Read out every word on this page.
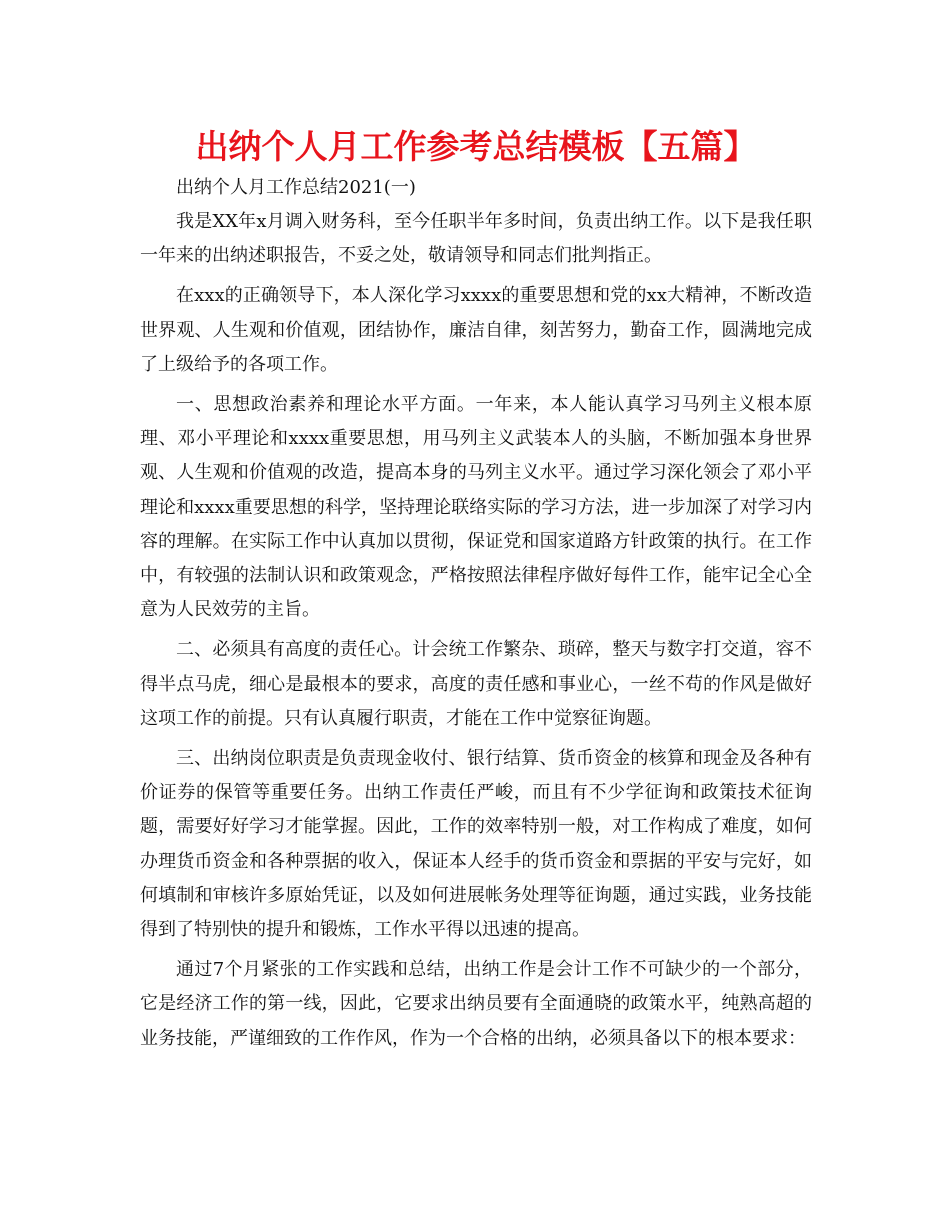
出纳个人月工作参考总结模板【五篇】

出纳个人月工作总结2021(一)

我是XX年x月调入财务科，至今任职半年多时间，负责出纳工作。以下是我任职一年来的出纳述职报告，不妥之处，敬请领导和同志们批判指正。

在xxx的正确领导下，本人深化学习xxxx的重要思想和党的xx大精神，不断改造世界观、人生观和价值观，团结协作，廉洁自律，刻苦努力，勤奋工作，圆满地完成了上级给予的各项工作。

一、思想政治素养和理论水平方面。一年来，本人能认真学习马列主义根本原理、邓小平理论和xxxx重要思想，用马列主义武装本人的头脑，不断加强本身世界观、人生观和价值观的改造，提高本身的马列主义水平。通过学习深化领会了邓小平理论和xxxx重要思想的科学，坚持理论联络实际的学习方法，进一步加深了对学习内容的理解。在实际工作中认真加以贯彻，保证党和国家道路方针政策的执行。在工作中，有较强的法制认识和政策观念，严格按照法律程序做好每件工作，能牢记全心全意为人民效劳的主旨。

二、必须具有高度的责任心。计会统工作繁杂、琐碎，整天与数字打交道，容不得半点马虎，细心是最根本的要求，高度的责任感和事业心，一丝不苟的作风是做好这项工作的前提。只有认真履行职责，才能在工作中觉察征询题。

三、出纳岗位职责是负责现金收付、银行结算、货币资金的核算和现金及各种有价证券的保管等重要任务。出纳工作责任严峻，而且有不少学征询和政策技术征询题，需要好好学习才能掌握。因此，工作的效率特别一般，对工作构成了难度，如何办理货币资金和各种票据的收入，保证本人经手的货币资金和票据的平安与完好，如何填制和审核许多原始凭证，以及如何进展帐务处理等征询题，通过实践，业务技能得到了特别快的提升和锻炼，工作水平得以迅速的提高。

通过7个月紧张的工作实践和总结，出纳工作是会计工作不可缺少的一个部分，它是经济工作的第一线，因此，它要求出纳员要有全面通晓的政策水平，纯熟高超的业务技能，严谨细致的工作作风，作为一个合格的出纳，必须具备以下的根本要求：
